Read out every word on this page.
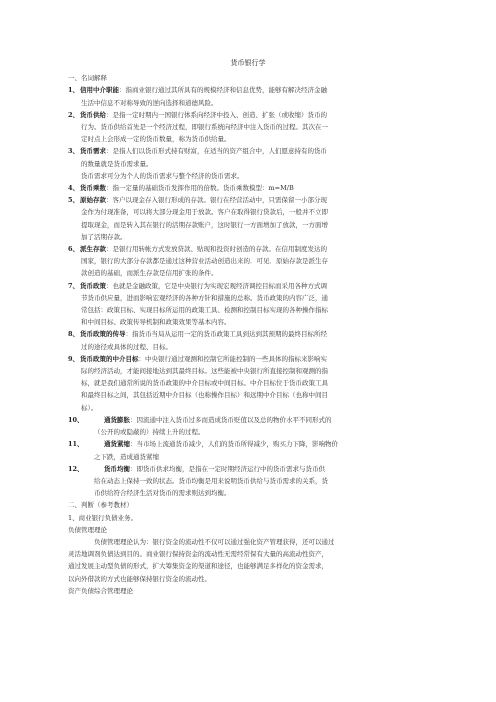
货币银行学
一、名词解释
1、信用中介职能：指商业银行通过其所具有的规模经济和信息优势，能够有解决经济金融
生活中信息不对称导致的逆向选择和道德风险。
2、货币供给：是指一定时期内一国银行体系向经济中投入、创造、扩张（或收缩）货币的
行为。货币供给首先是一个经济过程，即银行系统向经济中注入货币的过程。其次在一
定时点上会形成一定的货币数量，称为货币供给量。
3、货币需求：是指人们以货币形式持有财富，在适当的资产组合中，人们愿意持有的货币
的数量就是货币需求量。
货币需求可分为个人的货币需求与整个经济的货币需求。
4、货币乘数：指一定量的基础货币发挥作用的倍数。货币乘数模型：m=M/B
5、原始存款：客户以现金存入银行形成的存款。银行在经营活动中，只需保留一小部分现
金作为付现准备，可以将大部分现金用于放款。客户在取得银行贷款后，一般并不立即
提取现金，而是转入其在银行的活期存款账户，这时银行一方面增加了放款，一方面增
加了活期存款。
6、派生存款：是银行用转帐方式发放贷款、贴现和投资时创造的存款。在信用制度发达的
国家，银行的大部分存款都是通过这种营业活动创造出来的．可见．原始存款是派生存
款创造的基础，而派生存款是信用扩张的条件。
7、货币政策：也就是金融政策，它是中央银行为实现宏观经济调控目标而采用各种方式调
节货币供应量，进而影响宏观经济的各种方针和措施的总称。货币政策的内容广泛，通
常包括：政策目标、实现目标所运用的政策工具、检测和控制目标实现的各种操作指标
和中间目标、政策传导机制和政策效果等基本内容。
8、货币政策的传导：指货币当局从运用一定的货币政策工具到达到其预期的最终目标所经
过的途径或具体的过程、目标。
9、货币政策的中介目标：中央银行通过观测和控制它所能控制的一些具体的指标来影响实
际的经济活动，才能间接地达到其最终目标。这些能被中央银行所直接控制和观测的指
标，就是我们通常所说的货币政策的中介目标或中间目标。中介目标位于货币政策工具
和最终目标之间，其包括近期中介目标（也称操作目标）和远期中介目标（也称中间目
标）。
10、	通货膨胀：因流通中注入货币过多而造成货币贬值以及总的物价水平不同形式的
（公开的或隐蔽的）持续上升的过程。
11、	通货紧缩：当市场上流通货币减少，人们的货币所得减少，购买力下降，影响物价
之下跌，造成通货紧缩
12、	货币均衡：即货币供求均衡，是指在一定时期经济运行中的货币需求与货币供
给在动态上保持一致的状态。货币均衡是用来说明货币供给与货币需求的关系，货
币供给符合经济生活对货币的需求则达到均衡。
二、判断（参考教材）
1、商业银行负债业务。
负债管理理论
负债管理理论认为：银行资金的流动性不仅可以通过强化资产管理获得，还可以通过
灵活地调剂负债达到目的。商业银行保持资金的流动性无需经常保有大量的高流动性资产，
通过发展主动型负债的形式，扩大筹集资金的渠道和途径，也能够满足多样化的资金需求，
以向外借款的方式也能够保持银行资金的流动性。
资产负债综合管理理论
